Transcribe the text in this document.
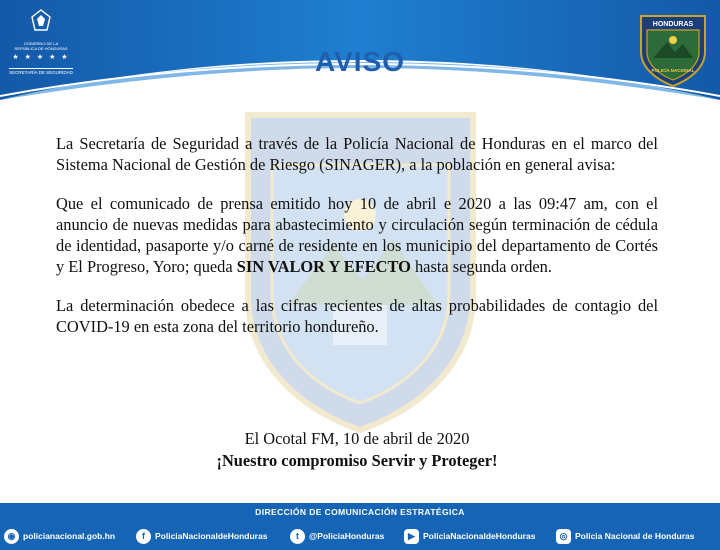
GOBIERNO DE LA
REPÚBLICA DE HONDURAS
★ ★ ★ ★ ★
SECRETARÍA DE SEGURIDAD	AVISO
HONDURAS
POLICÍA NACIONAL

La Secretaría de Seguridad a través de la Policía Nacional de Honduras en el marco del Sistema Nacional de Gestión de Riesgo (SINAGER), a la población en general avisa:

Que el comunicado de prensa emitido hoy 10 de abril e 2020 a las 09:47 am, con el anuncio de nuevas medidas para abastecimiento y circulación según terminación de cédula de identidad, pasaporte y/o carné de residente en los municipio del departamento de Cortés y El Progreso, Yoro; queda SIN VALOR Y EFECTO hasta segunda orden.

La determinación obedece a las cifras recientes de altas probabilidades de contagio del COVID-19 en esta zona del territorio hondureño.

El Ocotal FM, 10 de abril de 2020
¡Nuestro compromiso Servir y Proteger!
DIRECCIÓN DE COMUNICACIÓN ESTRATÉGICA
◉ policianacional.gob.hn	f	PoliciaNacionaldeHonduras	t	@PoliciaHonduras	▶ PoliciaNacionaldeHonduras	◎ Policia Nacional de Honduras
